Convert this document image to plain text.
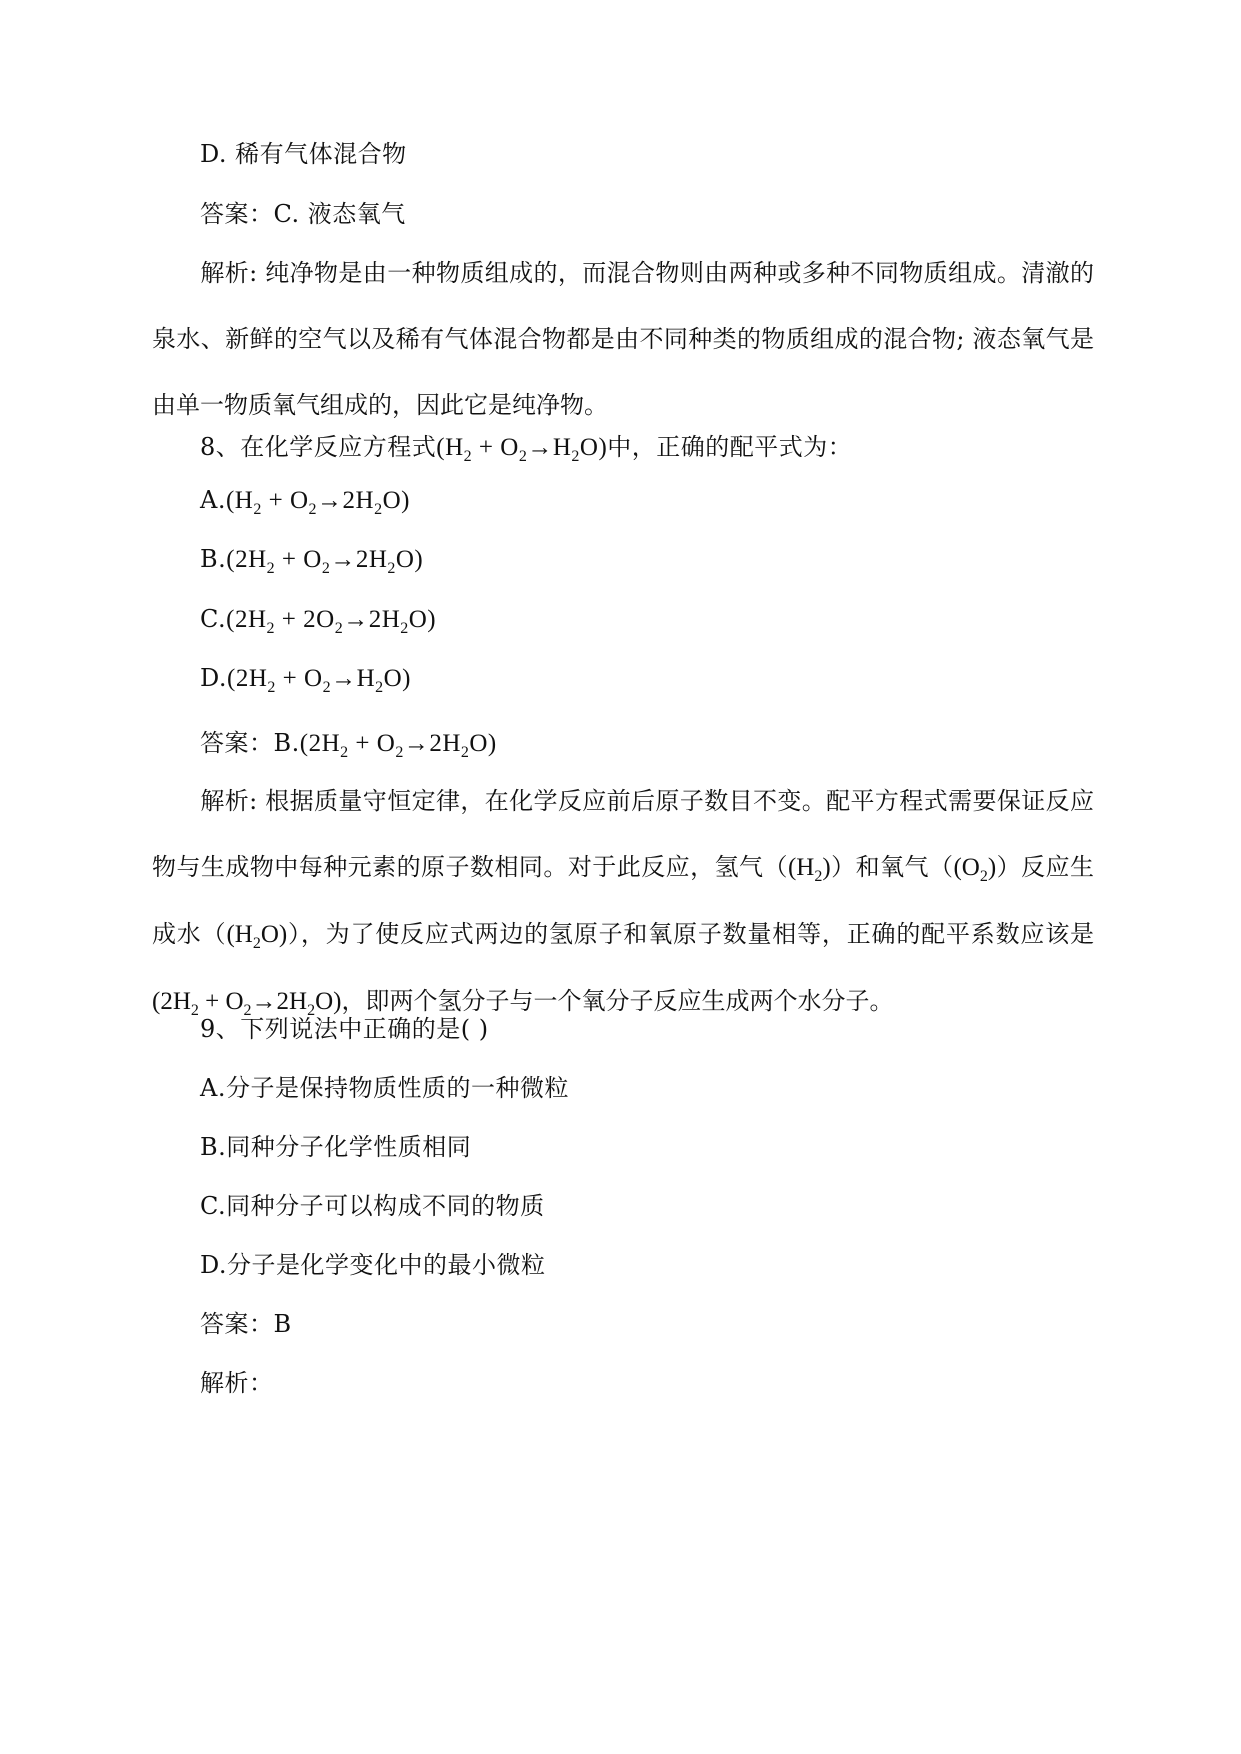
D. 稀有气体混合物
答案：C. 液态氧气
解析: 纯净物是由一种物质组成的，而混合物则由两种或多种不同物质组成。清澈的泉水、新鲜的空气以及稀有气体混合物都是由不同种类的物质组成的混合物; 液态氧气是由单一物质氧气组成的，因此它是纯净物。
8、在化学反应方程式$(H_2 + O_2\to H_2O)$中，正确的配平式为：
$A.(H_2 + O_2\to 2H_2O)$
$B.(2H_2 + O_2\to 2H_2O)$
$C.(2H_2 + 2O_2\to 2H_2O)$
$D.(2H_2 + O_2\to H_2O)$
答案：$B.(2H_2 + O_2\to 2H_2O)$
解析: 根据质量守恒定律，在化学反应前后原子数目不变。配平方程式需要保证反应物与生成物中每种元素的原子数相同。对于此反应，氢气$((H_2))$和氧气$((O_2))$反应生成水$((H_2O))$，为了使反应式两边的氢原子和氧原子数量相等，正确的配平系数应该是$(2H_2 + O_2\to 2H_2O)$，即两个氢分子与一个氧分子反应生成两个水分子。
9、下列说法中正确的是( )
A.分子是保持物质性质的一种微粒
B.同种分子化学性质相同
C.同种分子可以构成不同的物质
D.分子是化学变化中的最小微粒
答案：B
解析：
